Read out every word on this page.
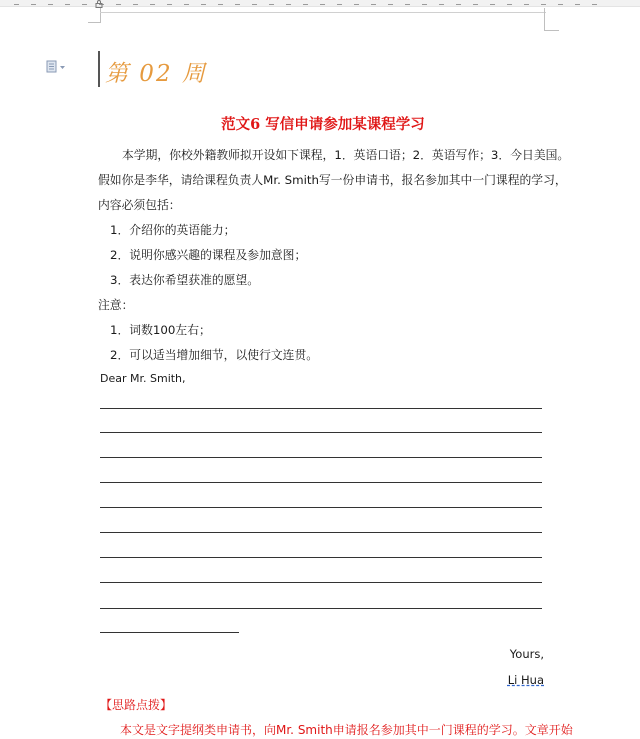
第 02 周
范文6 写信申请参加某课程学习
本学期，你校外籍教师拟开设如下课程，1．英语口语；2．英语写作；3．今日美国。
假如你是李华，请给课程负责人Mr. Smith写一份申请书，报名参加其中一门课程的学习，
内容必须包括：
1．介绍你的英语能力；
2．说明你感兴趣的课程及参加意图；
3．表达你希望获准的愿望。
注意：
1．词数100左右；
2．可以适当增加细节，以使行文连贯。
Dear Mr. Smith,
Yours,
Li Hua
【思路点拨】
本文是文字提纲类申请书，向Mr. Smith申请报名参加其中一门课程的学习。文章开始
